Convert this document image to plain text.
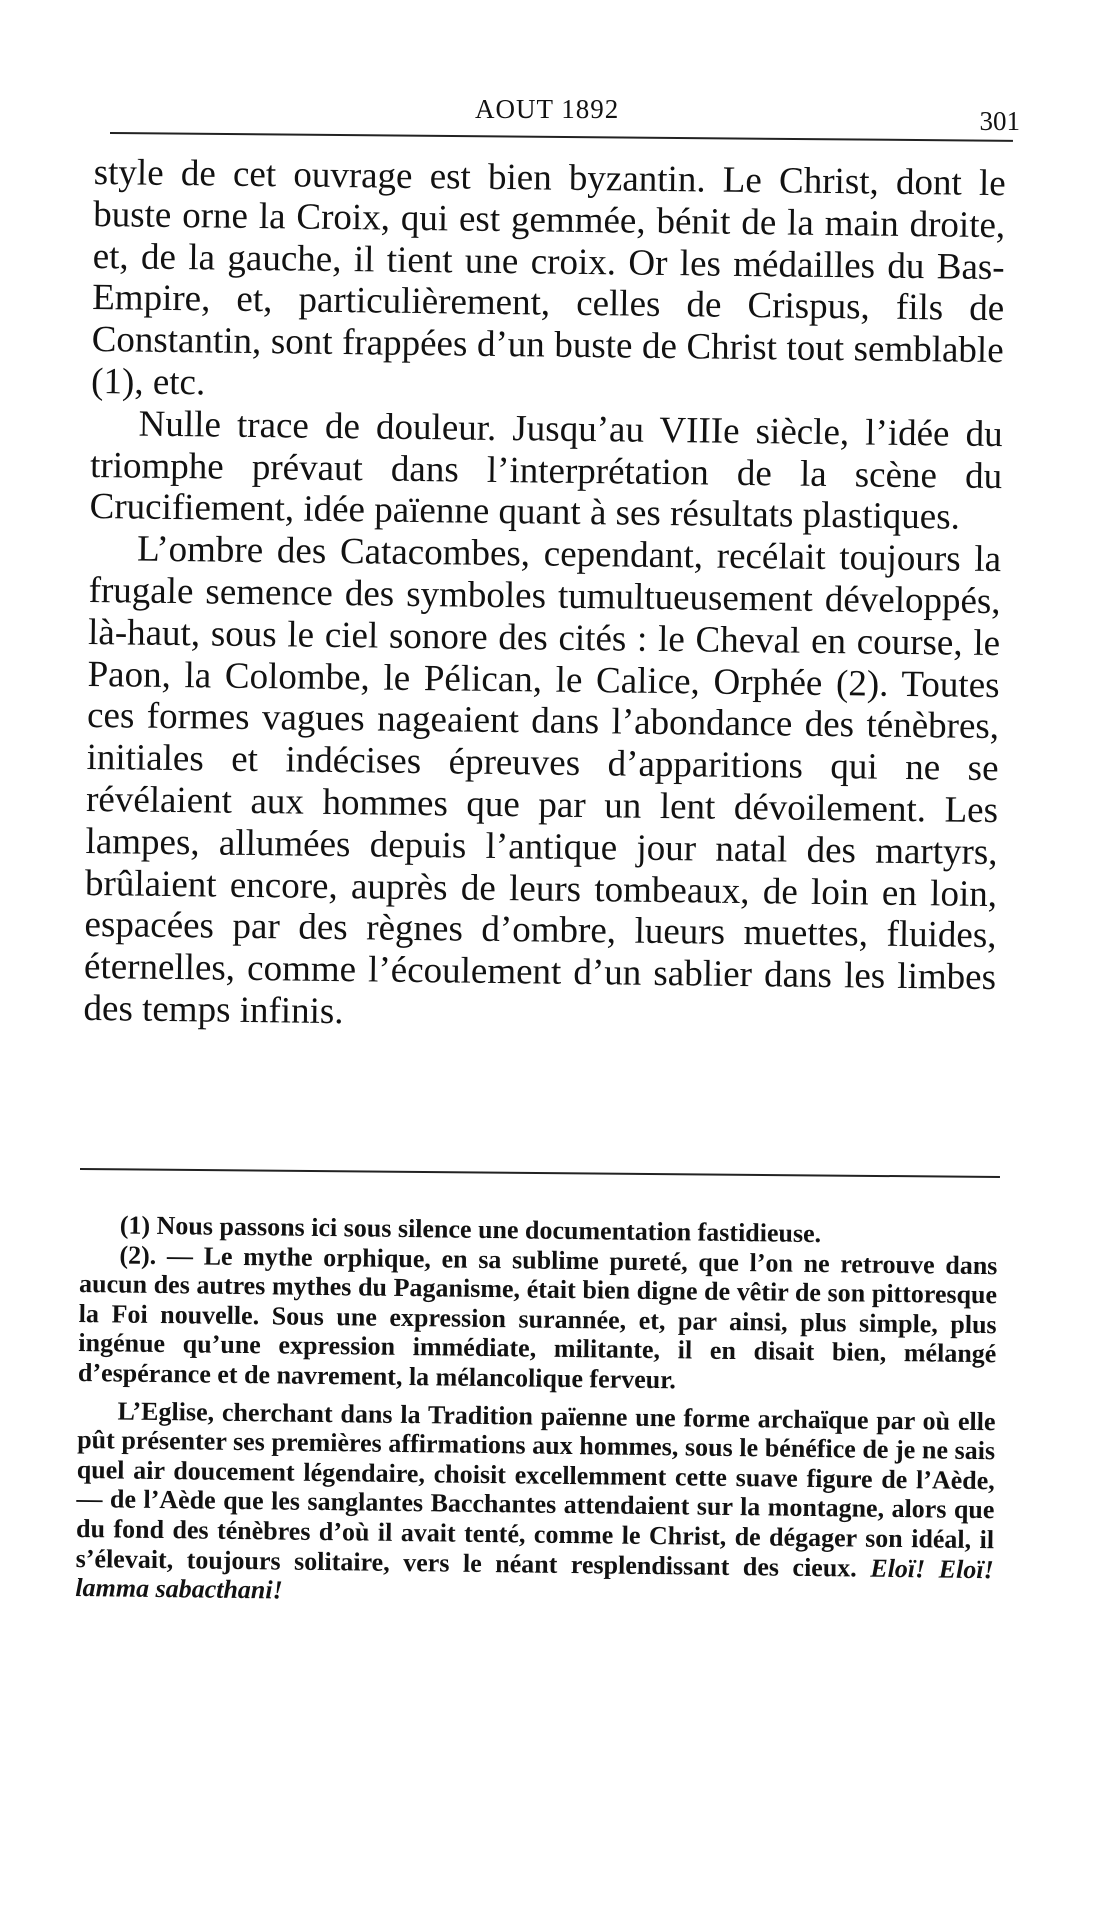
AOUT 1892	301

style de cet ouvrage est bien byzantin. Le Christ, dont le buste orne la Croix, qui est gemmée, bénit de la main droite, et, de la gauche, il tient une croix. Or les médailles du Bas-Empire, et, particulièrement, celles de Crispus, fils de Constantin, sont frappées d’un buste de Christ tout semblable (1), etc.

Nulle trace de douleur. Jusqu’au VIIIe siècle, l’idée du triomphe prévaut dans l’interprétation de la scène du Crucifiement, idée païenne quant à ses résultats plastiques.

L’ombre des Catacombes, cependant, recélait toujours la frugale semence des symboles tumultueusement développés, là-haut, sous le ciel sonore des cités : le Cheval en course, le Paon, la Colombe, le Pélican, le Calice, Orphée (2). Toutes ces formes vagues nageaient dans l’abondance des ténèbres, initiales et indécises épreuves d’apparitions qui ne se révélaient aux hommes que par un lent dévoilement. Les lampes, allumées depuis l’antique jour natal des martyrs, brûlaient encore, auprès de leurs tombeaux, de loin en loin, espacées par des règnes d’ombre, lueurs muettes, fluides, éternelles, comme l’écoulement d’un sablier dans les limbes des temps infinis.

(1) Nous passons ici sous silence une documentation fastidieuse.

(2). — Le mythe orphique, en sa sublime pureté, que l’on ne retrouve dans aucun des autres mythes du Paganisme, était bien digne de vêtir de son pittoresque la Foi nouvelle. Sous une expression surannée, et, par ainsi, plus simple, plus ingénue qu’une expression immédiate, militante, il en disait bien, mélangé d’espérance et de navrement, la mélancolique ferveur.

L’Eglise, cherchant dans la Tradition païenne une forme archaïque par où elle pût présenter ses premières affirmations aux hommes, sous le bénéfice de je ne sais quel air doucement légendaire, choisit excellemment cette suave figure de l’Aède, — de l’Aède que les sanglantes Bacchantes attendaient sur la montagne, alors que du fond des ténèbres d’où il avait tenté, comme le Christ, de dégager son idéal, il s’élevait, toujours solitaire, vers le néant resplendissant des cieux. Eloï! Eloï! lamma sabacthani!
